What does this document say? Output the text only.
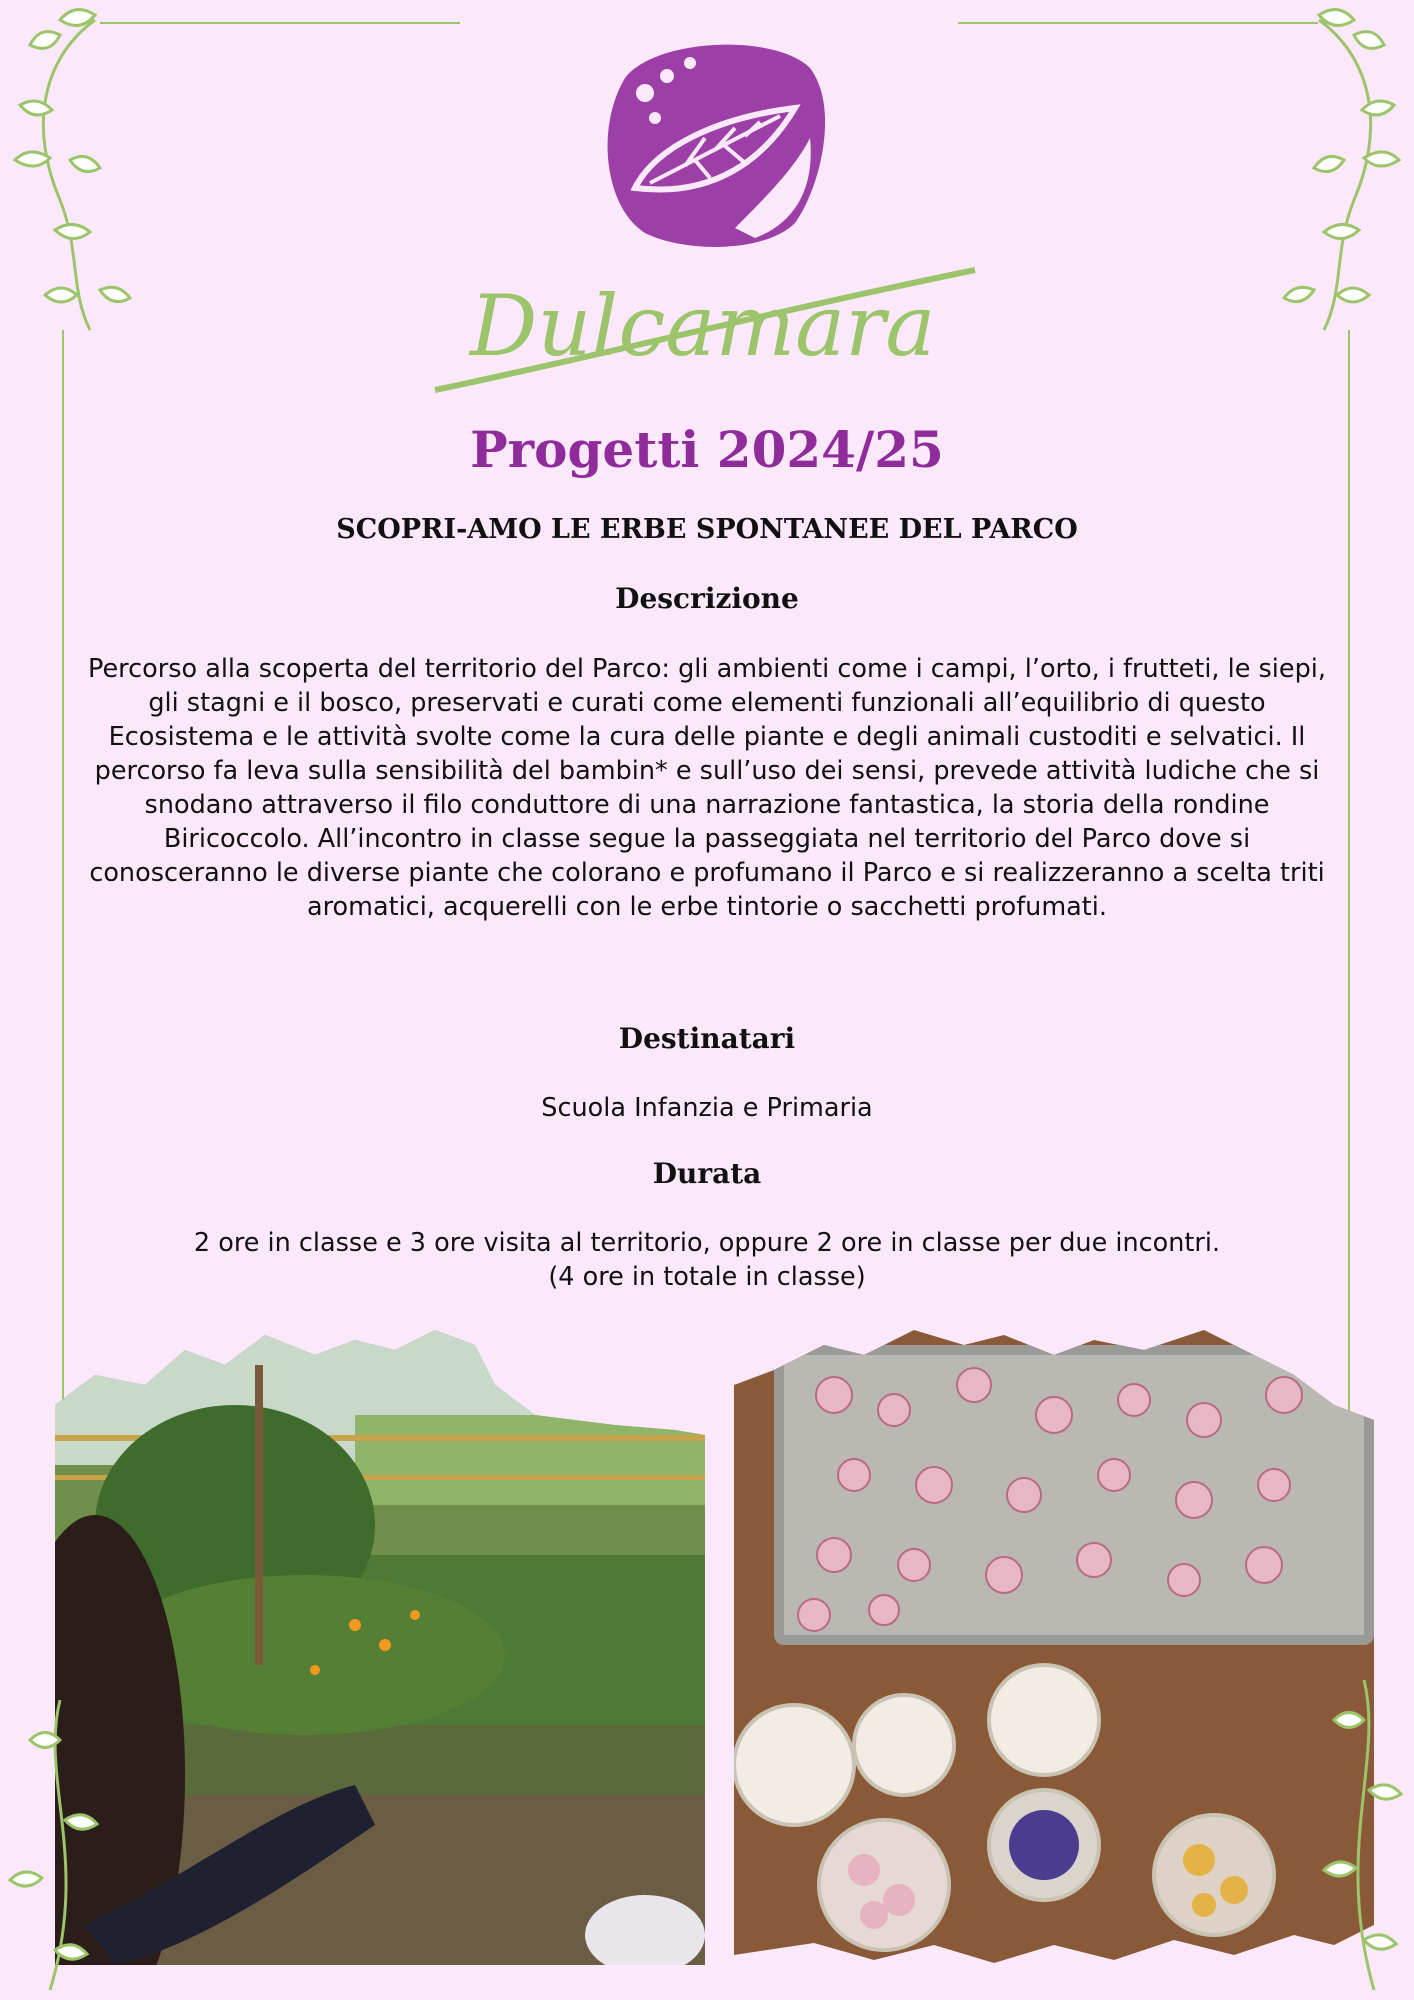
Dulcamara
Progetti 2024/25
SCOPRI-AMO LE ERBE SPONTANEE DEL PARCO
Descrizione

Percorso alla scoperta del territorio del Parco: gli ambienti come i campi, l’orto, i frutteti, le siepi, gli stagni e il bosco, preservati e curati come elementi funzionali all’equilibrio di questo Ecosistema e le attività svolte come la cura delle piante e degli animali custoditi e selvatici. Il percorso fa leva sulla sensibilità del bambin* e sull’uso dei sensi, prevede attività ludiche che si snodano attraverso il filo conduttore di una narrazione fantastica, la storia della rondine Biricoccolo. All’incontro in classe segue la passeggiata nel territorio del Parco dove si conosceranno le diverse piante che colorano e profumano il Parco e si realizzeranno a scelta triti aromatici, acquerelli con le erbe tintorie o sacchetti profumati.

Destinatari

Scuola Infanzia e Primaria

Durata

2 ore in classe e 3 ore visita al territorio, oppure 2 ore in classe per due incontri.
(4 ore in totale in classe)
